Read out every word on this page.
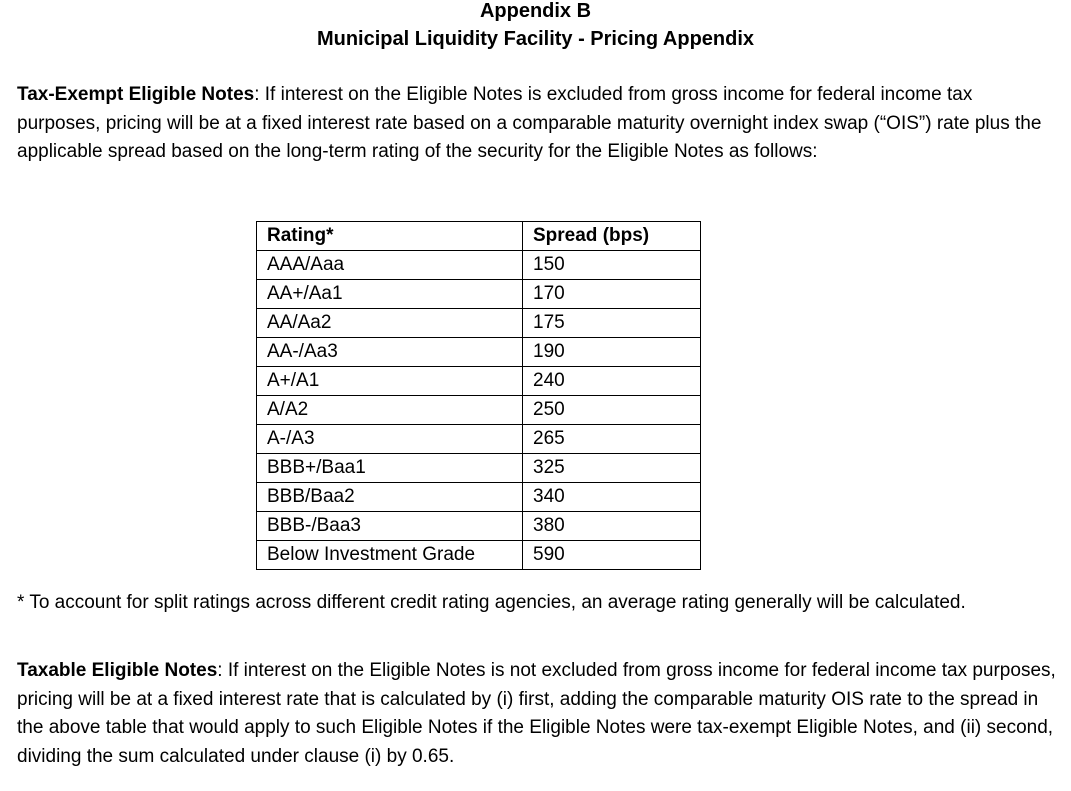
Appendix B
Municipal Liquidity Facility - Pricing Appendix

Tax-Exempt Eligible Notes: If interest on the Eligible Notes is excluded from gross income for federal income tax purposes, pricing will be at a fixed interest rate based on a comparable maturity overnight index swap (“OIS”) rate plus the applicable spread based on the long-term rating of the security for the Eligible Notes as follows:

Rating*	Spread (bps)
AAA/Aaa	150
AA+/Aa1	170
AA/Aa2	175
AA-/Aa3	190
A+/A1	240
A/A2	250
A-/A3	265
BBB+/Baa1	325
BBB/Baa2	340
BBB-/Baa3	380
Below Investment Grade	590

* To account for split ratings across different credit rating agencies, an average rating generally will be calculated.

Taxable Eligible Notes: If interest on the Eligible Notes is not excluded from gross income for federal income tax purposes, pricing will be at a fixed interest rate that is calculated by (i) first, adding the comparable maturity OIS rate to the spread in the above table that would apply to such Eligible Notes if the Eligible Notes were tax-exempt Eligible Notes, and (ii) second, dividing the sum calculated under clause (i) by 0.65.
